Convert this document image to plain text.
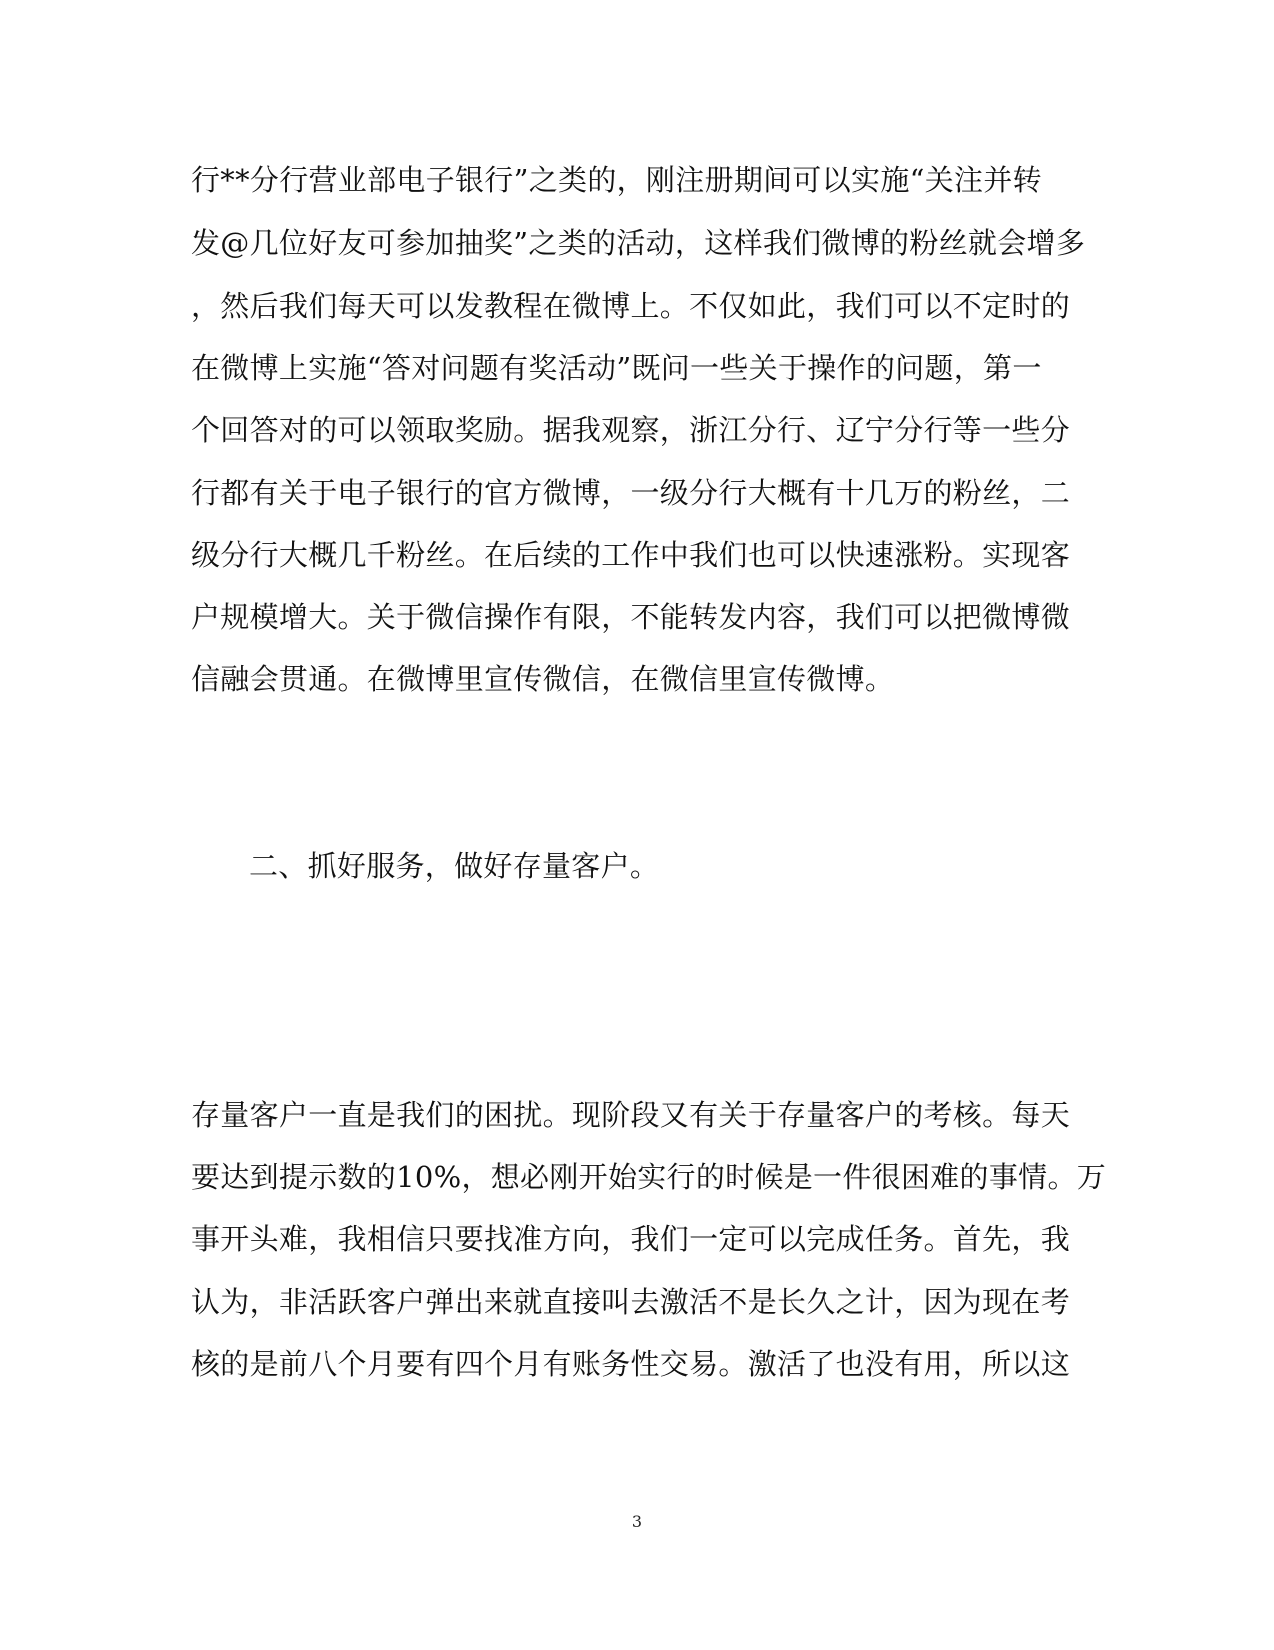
行**分行营业部电子银行”之类的，刚注册期间可以实施“关注并转
发@几位好友可参加抽奖”之类的活动，这样我们微博的粉丝就会增多
，然后我们每天可以发教程在微博上。不仅如此，我们可以不定时的
在微博上实施“答对问题有奖活动”既问一些关于操作的问题，第一
个回答对的可以领取奖励。据我观察，浙江分行、辽宁分行等一些分
行都有关于电子银行的官方微博，一级分行大概有十几万的粉丝，二
级分行大概几千粉丝。在后续的工作中我们也可以快速涨粉。实现客
户规模增大。关于微信操作有限，不能转发内容，我们可以把微博微
信融会贯通。在微博里宣传微信，在微信里宣传微博。
二、抓好服务，做好存量客户。
存量客户一直是我们的困扰。现阶段又有关于存量客户的考核。每天
要达到提示数的10%，想必刚开始实行的时候是一件很困难的事情。万
事开头难，我相信只要找准方向，我们一定可以完成任务。首先，我
认为，非活跃客户弹出来就直接叫去激活不是长久之计，因为现在考
核的是前八个月要有四个月有账务性交易。激活了也没有用，所以这
3
